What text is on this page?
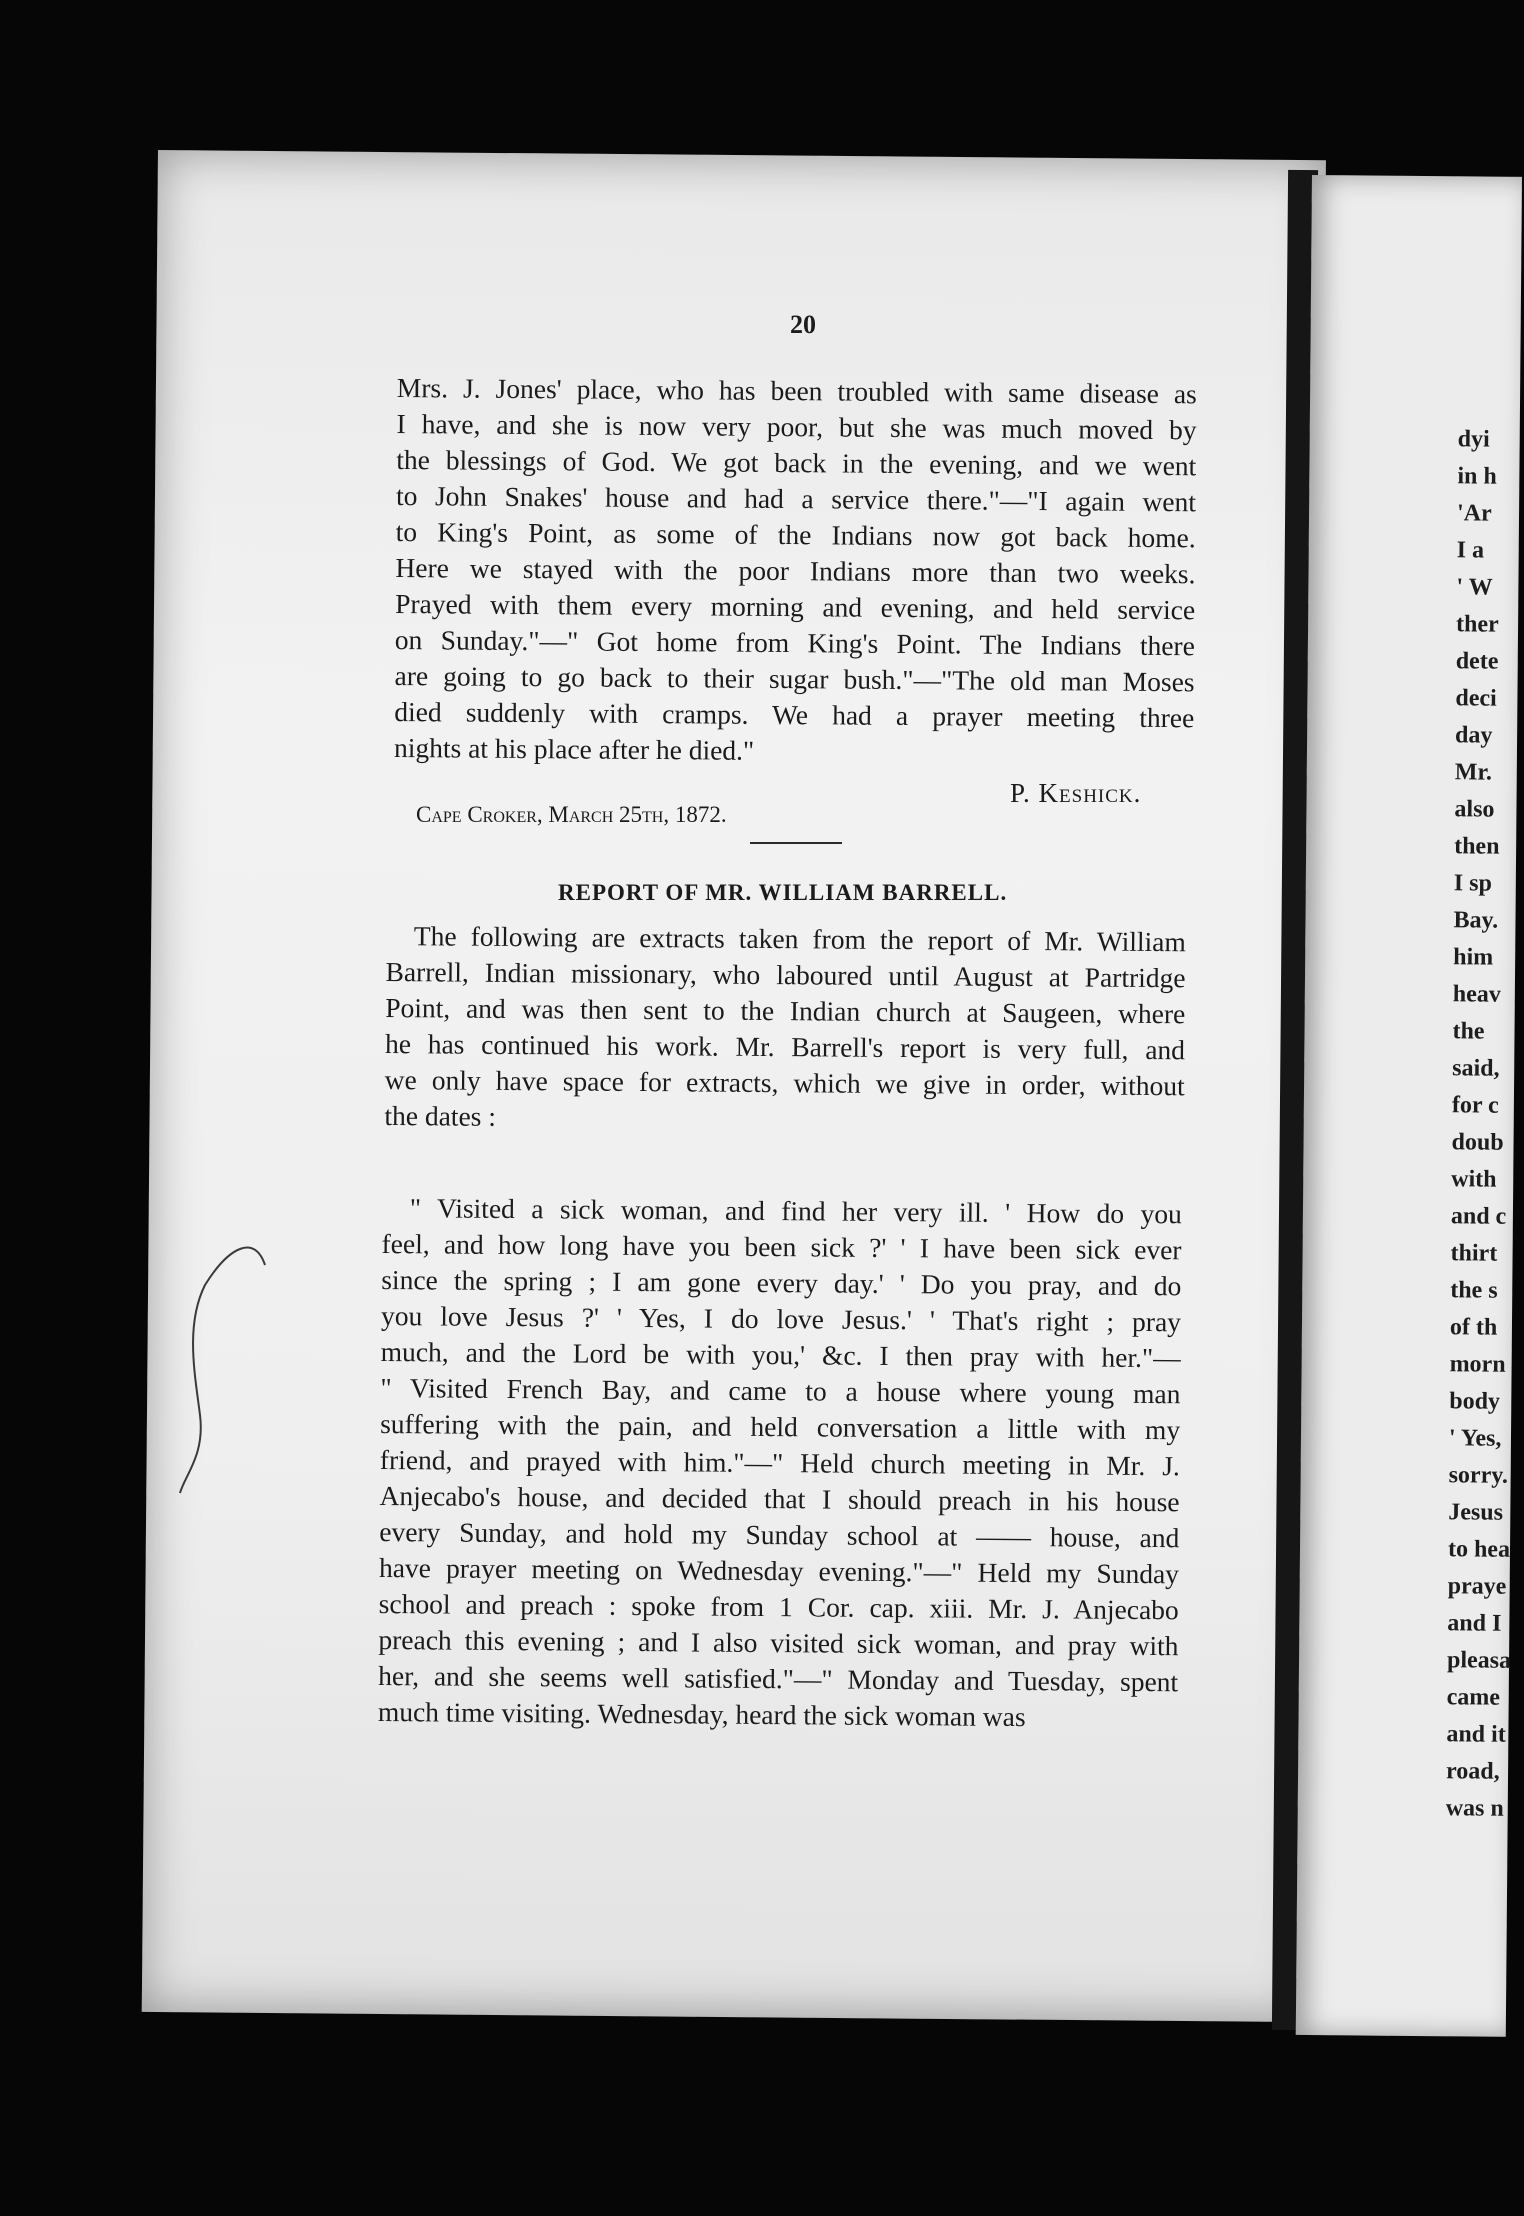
dyi
in h
'Ar
I a
' W
ther
dete
deci
day
Mr.
also
then
I sp
Bay.
him
heav
the
said,
for c
doub
with
and c
thirt
the s
of th
morn
body
' Yes,
sorry.
Jesus
to hea
praye
and I
pleasa
came
and it
road,
was n
20
Mrs. J. Jones' place, who has been troubled with same disease as
I have, and she is now very poor, but she was much moved by
the blessings of God. We got back in the evening, and we went
to John Snakes' house and had a service there."—"I again went
to King's Point, as some of the Indians now got back home.
Here we stayed with the poor Indians more than two weeks.
Prayed with them every morning and evening, and held service
on Sunday."—" Got home from King's Point. The Indians there
are going to go back to their sugar bush."—"The old man Moses
died suddenly with cramps. We had a prayer meeting three
nights at his place after he died."
P. Keshick.
Cape Croker, March 25th, 1872.
REPORT OF MR. WILLIAM BARRELL.
The following are extracts taken from the report of Mr. William
Barrell, Indian missionary, who laboured until August at Partridge
Point, and was then sent to the Indian church at Saugeen, where
he has continued his work. Mr. Barrell's report is very full, and
we only have space for extracts, which we give in order, without
the dates :
" Visited a sick woman, and find her very ill. ' How do you
feel, and how long have you been sick ?' ' I have been sick ever
since the spring ; I am gone every day.' ' Do you pray, and do
you love Jesus ?' ' Yes, I do love Jesus.' ' That's right ; pray
much, and the Lord be with you,' &c. I then pray with her."—
" Visited French Bay, and came to a house where young man
suffering with the pain, and held conversation a little with my
friend, and prayed with him."—" Held church meeting in Mr. J.
Anjecabo's house, and decided that I should preach in his house
every Sunday, and hold my Sunday school at —— house, and
have prayer meeting on Wednesday evening."—" Held my Sunday
school and preach : spoke from 1 Cor. cap. xiii. Mr. J. Anjecabo
preach this evening ; and I also visited sick woman, and pray with
her, and she seems well satisfied."—" Monday and Tuesday, spent
much time visiting. Wednesday, heard the sick woman was
